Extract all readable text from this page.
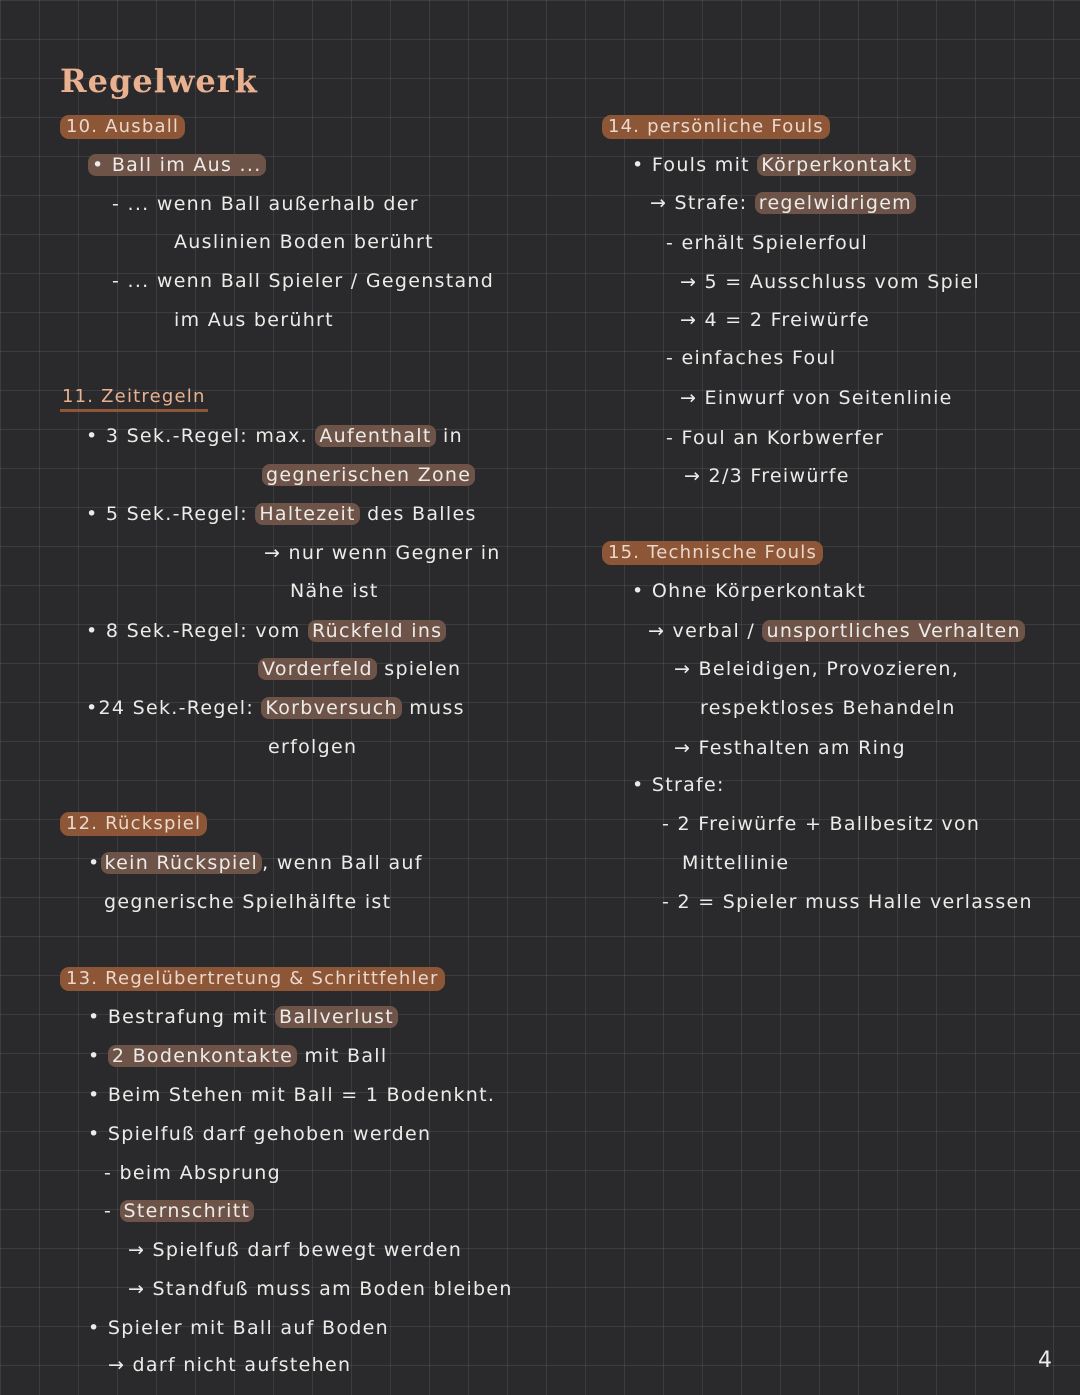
Regelwerk
10. Ausball
• Ball im Aus ...
- ... wenn Ball außerhalb der
Auslinien Boden berührt
- ... wenn Ball Spieler / Gegenstand
im Aus berührt
11. Zeitregeln
• 3 Sek.-Regel: max. Aufenthalt in
gegnerischen Zone
• 5 Sek.-Regel: Haltezeit des Balles
→ nur wenn Gegner in
Nähe ist
• 8 Sek.-Regel: vom Rückfeld ins
Vorderfeld spielen
•24 Sek.-Regel: Korbversuch muss
erfolgen
12. Rückspiel
• kein Rückspiel , wenn Ball auf
gegnerische Spielhälfte ist
13. Regelübertretung & Schrittfehler
• Bestrafung mit Ballverlust
• 2 Bodenkontakte mit Ball
• Beim Stehen mit Ball = 1 Bodenknt.
• Spielfuß darf gehoben werden
- beim Absprung
- Sternschritt
→ Spielfuß darf bewegt werden
→ Standfuß muss am Boden bleiben
• Spieler mit Ball auf Boden
→ darf nicht aufstehen
14. persönliche Fouls
• Fouls mit Körperkontakt
→ Strafe: regelwidrigem
- erhält Spielerfoul
→ 5 = Ausschluss vom Spiel
→ 4 = 2 Freiwürfe
- einfaches Foul
→ Einwurf von Seitenlinie
- Foul an Korbwerfer
→ 2/3 Freiwürfe
15. Technische Fouls
• Ohne Körperkontakt
→ verbal / unsportliches Verhalten
→ Beleidigen, Provozieren,
respektloses Behandeln
→ Festhalten am Ring
• Strafe:
- 2 Freiwürfe + Ballbesitz von
Mittellinie
- 2 = Spieler muss Halle verlassen
4
